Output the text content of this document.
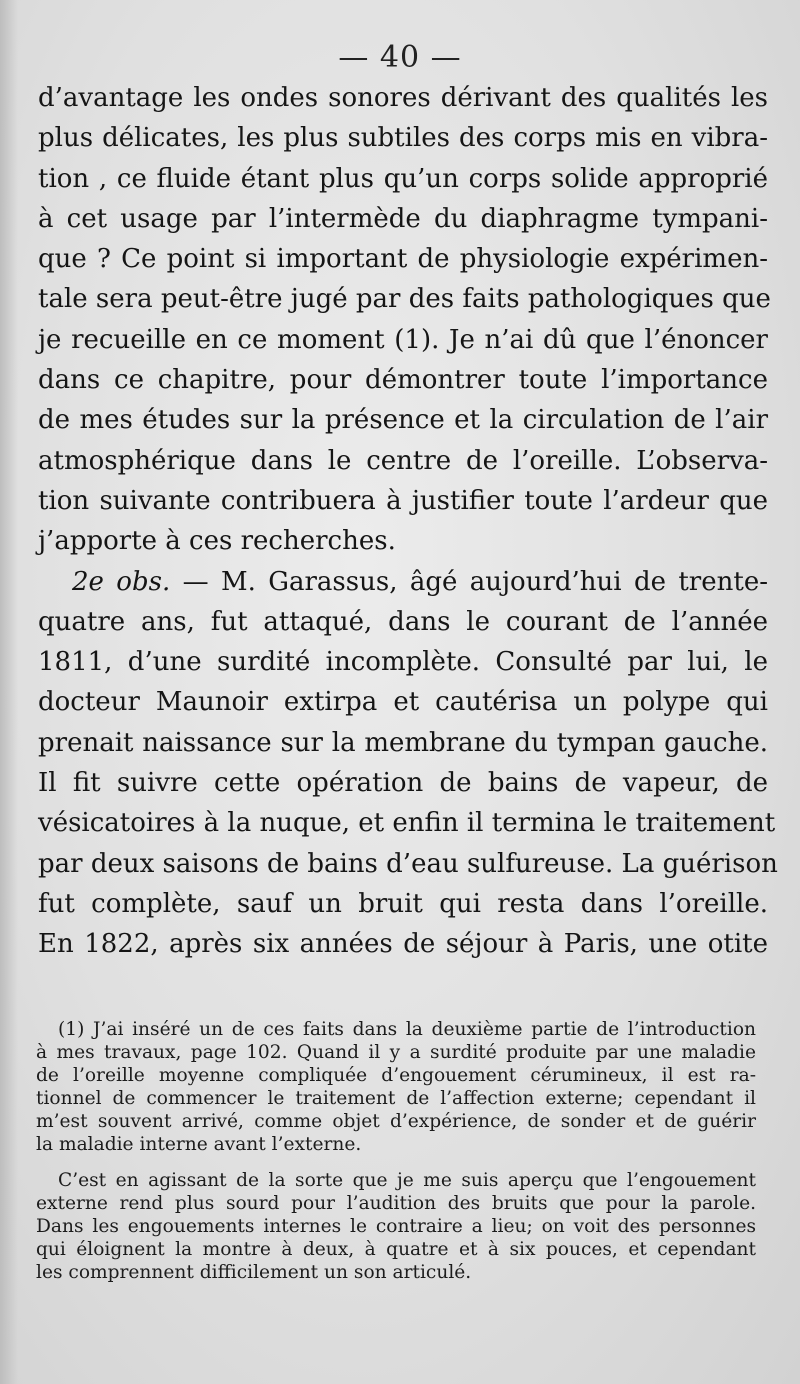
— 40 —
d’avantage les ondes sonores dérivant des qualités les
plus délicates, les plus subtiles des corps mis en vibra-
tion , ce fluide étant plus qu’un corps solide approprié
à cet usage par l’intermède du diaphragme tympani-
que ? Ce point si important de physiologie expérimen-
tale sera peut-être jugé par des faits pathologiques que
je recueille en ce moment (1). Je n’ai dû que l’énoncer
dans ce chapitre, pour démontrer toute l’importance
de mes études sur la présence et la circulation de l’air
atmosphérique dans le centre de l’oreille. L’observa-
tion suivante contribuera à justifier toute l’ardeur que
j’apporte à ces recherches.
2e obs. — M. Garassus, âgé aujourd’hui de trente-
quatre ans, fut attaqué, dans le courant de l’année
1811, d’une surdité incomplète. Consulté par lui, le
docteur Maunoir extirpa et cautérisa un polype qui
prenait naissance sur la membrane du tympan gauche.
Il fit suivre cette opération de bains de vapeur, de
vésicatoires à la nuque, et enfin il termina le traitement
par deux saisons de bains d’eau sulfureuse. La guérison
fut complète, sauf un bruit qui resta dans l’oreille.
En 1822, après six années de séjour à Paris, une otite
(1) J’ai inséré un de ces faits dans la deuxième partie de l’introduction
à mes travaux, page 102. Quand il y a surdité produite par une maladie
de l’oreille moyenne compliquée d’engouement cérumineux, il est ra-
tionnel de commencer le traitement de l’affection externe; cependant il
m’est souvent arrivé, comme objet d’expérience, de sonder et de guérir
la maladie interne avant l’externe.
C’est en agissant de la sorte que je me suis aperçu que l’engouement
externe rend plus sourd pour l’audition des bruits que pour la parole.
Dans les engouements internes le contraire a lieu; on voit des personnes
qui éloignent la montre à deux, à quatre et à six pouces, et cependant
les comprennent difficilement un son articulé.
